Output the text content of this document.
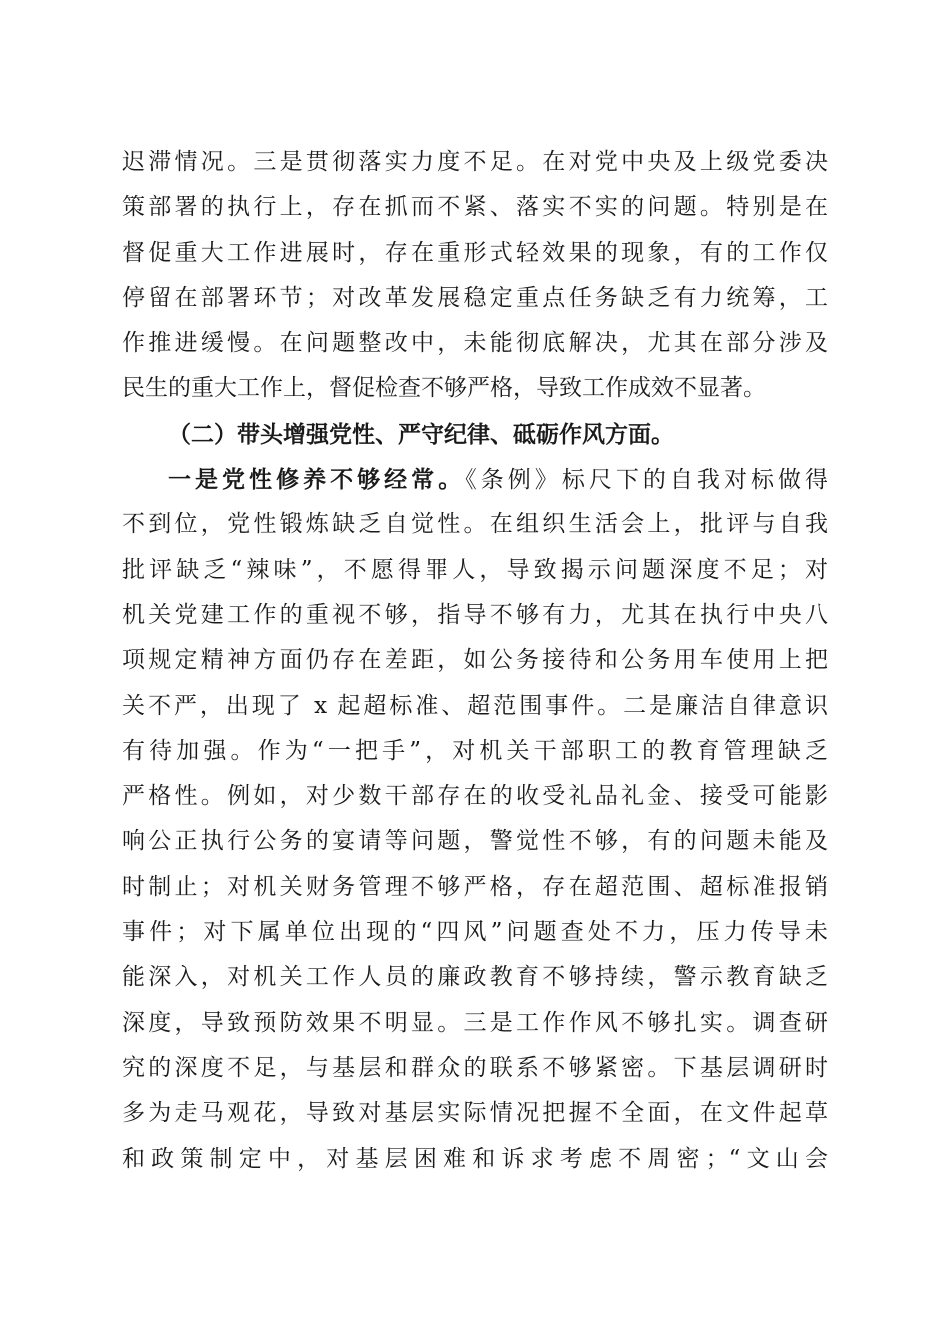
迟滞情况。三是贯彻落实力度不足。在对党中央及上级党委决
策部署的执行上，存在抓而不紧、落实不实的问题。特别是在
督促重大工作进展时，存在重形式轻效果的现象，有的工作仅
停留在部署环节；对改革发展稳定重点任务缺乏有力统筹，工
作推进缓慢。在问题整改中，未能彻底解决，尤其在部分涉及
民生的重大工作上，督促检查不够严格，导致工作成效不显著。
（二）带头增强党性、严守纪律、砥砺作风方面。
一是党性修养不够经常。《条例》标尺下的自我对标做得
不到位，党性锻炼缺乏自觉性。在组织生活会上，批评与自我
批评缺乏“辣味”，不愿得罪人，导致揭示问题深度不足；对
机关党建工作的重视不够，指导不够有力，尤其在执行中央八
项规定精神方面仍存在差距，如公务接待和公务用车使用上把
关不严，出现了 x 起超标准、超范围事件。二是廉洁自律意识
有待加强。作为“一把手”，对机关干部职工的教育管理缺乏
严格性。例如，对少数干部存在的收受礼品礼金、接受可能影
响公正执行公务的宴请等问题，警觉性不够，有的问题未能及
时制止；对机关财务管理不够严格，存在超范围、超标准报销
事件；对下属单位出现的“四风”问题查处不力，压力传导未
能深入，对机关工作人员的廉政教育不够持续，警示教育缺乏
深度，导致预防效果不明显。三是工作作风不够扎实。调查研
究的深度不足，与基层和群众的联系不够紧密。下基层调研时
多为走马观花，导致对基层实际情况把握不全面，在文件起草
和政策制定中，对基层困难和诉求考虑不周密；“文山会
